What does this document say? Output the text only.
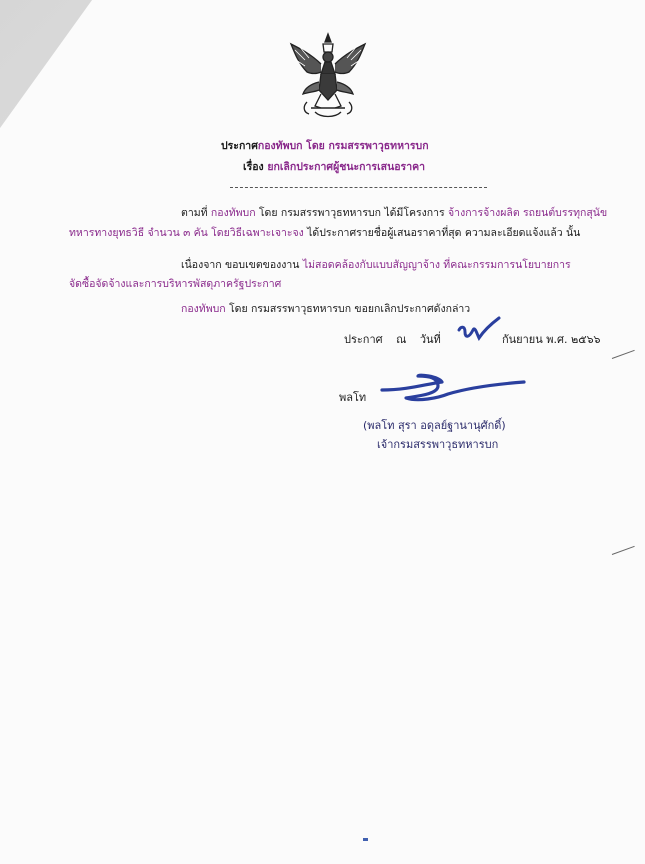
ประกาศกองทัพบก โดย กรมสรรพาวุธทหารบก
เรื่อง ยกเลิกประกาศผู้ชนะการเสนอราคา
ตามที่ กองทัพบก โดย กรมสรรพาวุธทหารบก ได้มีโครงการ จ้างการจ้างผลิต รถยนต์บรรทุกสุนัข
ทหารทางยุทธวิธี จำนวน ๓ คัน โดยวิธีเฉพาะเจาะจง ได้ประกาศรายชื่อผู้เสนอราคาที่สุด ความละเอียดแจ้งแล้ว นั้น
เนื่องจาก ขอบเขตของงาน ไม่สอดคล้องกับแบบสัญญาจ้าง ที่คณะกรรมการนโยบายการ
จัดซื้อจัดจ้างและการบริหารพัสดุภาครัฐประกาศ
กองทัพบก โดย กรมสรรพาวุธทหารบก ขอยกเลิกประกาศดังกล่าว
ประกาศ ณ วันที่	กันยายน พ.ศ. ๒๕๖๖
พลโท
(พลโท สุรา อดุลย์ฐานานุศักดิ์)
เจ้ากรมสรรพาวุธทหารบก
